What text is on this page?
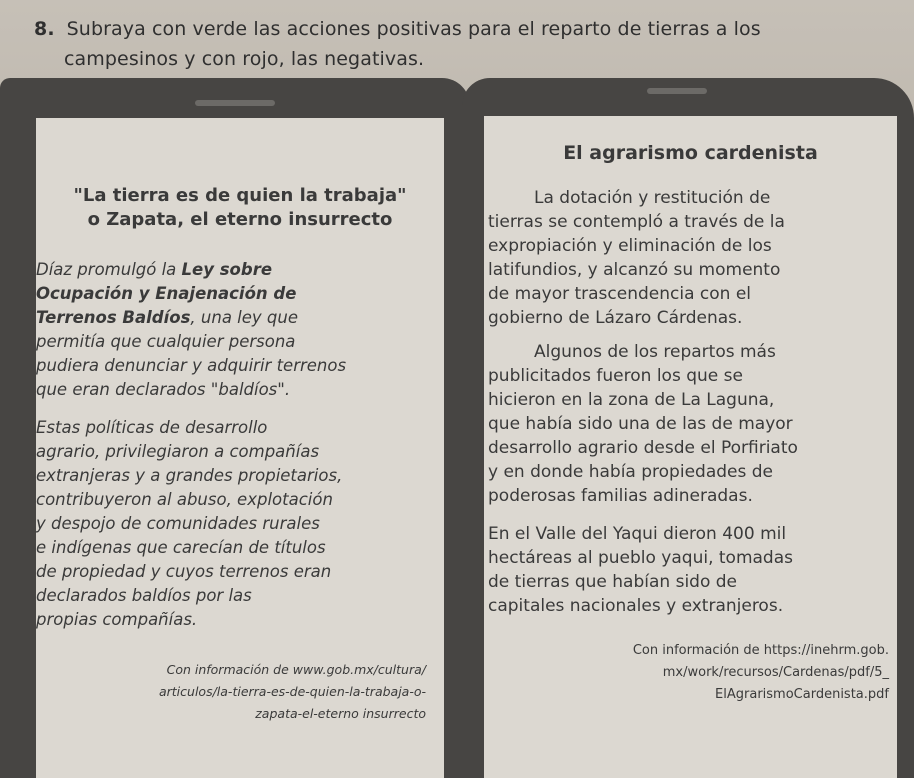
8. Subraya con verde las acciones positivas para el reparto de tierras a los
campesinos y con rojo, las negativas.
"La tierra es de quien la trabaja"
o Zapata, el eterno insurrecto
Díaz promulgó la Ley sobre
Ocupación y Enajenación de
Terrenos Baldíos, una ley que
permitía que cualquier persona
pudiera denunciar y adquirir terrenos
que eran declarados "baldíos".
Estas políticas de desarrollo
agrario, privilegiaron a compañías
extranjeras y a grandes propietarios,
contribuyeron al abuso, explotación
y despojo de comunidades rurales
e indígenas que carecían de títulos
de propiedad y cuyos terrenos eran
declarados baldíos por las
propias compañías.
Con información de www.gob.mx/cultura/
articulos/la-tierra-es-de-quien-la-trabaja-o-
zapata-el-eterno insurrecto
El agrarismo cardenista
La dotación y restitución de
tierras se contempló a través de la
expropiación y eliminación de los
latifundios, y alcanzó su momento
de mayor trascendencia con el
gobierno de Lázaro Cárdenas.
Algunos de los repartos más
publicitados fueron los que se
hicieron en la zona de La Laguna,
que había sido una de las de mayor
desarrollo agrario desde el Porfiriato
y en donde había propiedades de
poderosas familias adineradas.
En el Valle del Yaqui dieron 400 mil
hectáreas al pueblo yaqui, tomadas
de tierras que habían sido de
capitales nacionales y extranjeros.
Con información de https://inehrm.gob.
mx/work/recursos/Cardenas/pdf/5_
ElAgrarismoCardenista.pdf
